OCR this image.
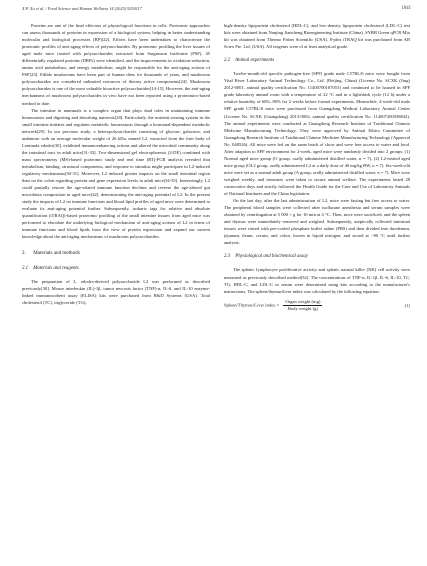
X.P. Xu et al. / Food Science and Human Wellness 14 (2025) 9250117	1841

Proteins are one of the final effectors of physiological functions in cells. Proteomic approaches can assess thousands of proteins in expression of a biological system, helping in better understanding molecular and biological processes (BP)[22]. Efforts have been undertaken to characterize the proteomic profiles of anti-aging effects of polysaccharides. By proteomic profiling the liver tissues of aged male mice treated with polysaccharides extracted from Sargassum fusiforme (PSF), 45 differentially regulated proteins (DRPs) were identified, and the improvements in oxidation-reduction, amino acid metabolism, and energy metabolism, might be responsible for the anti-aging actions of PSF[23]. Edible mushrooms have been part of human diets for thousands of years, and mushroom polysaccharides are considered unlimited resources of dietary active components[24]. Mushroom polysaccharides is one of the most valuable bioactive polysaccharides[14-15]. However, the anti-aging mechanisms of mushroom polysaccharides in vivo have not been reported using a proteomics-based method to date.

The intestine in mammals is a complex organ that plays dual roles in maintaining immune homeostasis and digesting and absorbing nutrients[28]. Particularly, the nutrient sensing system in the small intestine initiates and regulates metabolic homeostasis through a hormonal-dependent metabolic network[29]. In our previous study, a heteropolysaccharide consisting of glucose, galactose, and arabinose with an average molecular weight of 26 kDa, named L2, extracted from the fruit body of Lentinula edodes[30], exhibited immunoenhancing actions and altered the microbial community along the intestinal tract in adult mice[31-33]. Two-dimensional gel electrophoresis (2-DE) combined with mass spectrometry (MS)-based proteomic study and real time (RT)-PCR analysis revealed that metabolism, binding, structural components, and response to stimulus might participate in L2-induced regulatory mechanisms[30-31]. Moreover, L2 induced greater impacts on the small intestinal region than on the colon regarding protein and gene expression levels in adult mice[34-35]. Interestingly, L2 could partially restore the age-related immune function declines and reverse the age-altered gut microbiota composition in aged mice[22], demonstrating the anti-aging potential of L2. In the present study the impacts of L2 on immune functions and blood lipid profiles of aged mice were determined to evaluate its anti-aging potential further. Subsequently, isobaric tags for relative and absolute quantification (iTRAQ)-based proteomic profiling of the small intestine tissues from aged mice was performed to elucidate the underlying biological mechanism of anti-aging actions of L2 in terms of immune functions and blood lipids from the view of protein expression and expand our current knowledge about the anti-aging mechanisms of mushroom polysaccharides.

2. Materials and methods
2.1 Materials and reagents

The preparation of L. edodes-derived polysaccharide L2 was performed as described previously[30]. Mouse interleukin (IL)-1β, tumor necrosis factor (TNF)-α, IL-6, and IL-10 enzyme-linked immunosorbent assay (ELISA) kits were purchased from R&D Systems (USA). Total cholesterol (TC), triglyceride (TG),

high-density lipoprotein cholesterol (HDL-C), and low-density lipoprotein cholesterol (LDL-C) test kits were obtained from Nanjing Jiancheng Bioengineering Institute (China). SYBR Green qPCR Mix kit was obtained from Thermo Fisher Scientific (USA). 8-plex iTRAQ kit was purchased from AB Sciex Pte. Ltd. (USA). All reagents were of at least analytical grade.

2.2 Animal experiments

Twelve-month-old specific pathogen-free (SPF) grade male C57BL/6 mice were bought from Vital River Laboratory Animal Technology Co., Ltd. (Beijing, China) (License No. SCXK (Jing) 2012-0001, animal quality certification No. 11400700187053) and continued to be housed in SPF grade laboratory animal room with a temperature of 22 °C and in a light/dark cycle (12 h) under a relative humidity of 60%–80% for 2 weeks before formal experiments. Meanwhile, 4-week-old male SPF grade C57BL/6 mice were purchased from Guangdong Medical Laboratory Animal Center (License No. SCXK (Guangdong) 2013-0002, animal quality certification No. 11400720003884​2). The animal experiments were conducted at Guangdong Research Institute of Traditional Chinese Medicine Manufacturing Technology. They were approved by Animal Ethics Committee of Guangdong Research Institute of Traditional Chinese Medicine Manufacturing Technology (Approval No. 048526). All mice were fed on the same batch of chow and were free access to water and food. After adaption to SPF environment for 2-week, aged mice were randomly divided into 2 groups: (1) Normal aged mice group (O group, orally administered distilled water, n = 7), (2) L2-treated aged mice group (OL2 group, orally administered L2 at a daily dose of 40 mg/kg BW, n = 7). Six-week-old mice were set as a normal adult group (A group, orally administered distilled water, n = 7). Mice were weighed weekly, and measures were taken to secure animal welfare. The experiments lasted 28 consecutive days and strictly followed the Health Guide for the Care and Use of Laboratory Animals of National Institutes and the China legislation.

On the last day, after the last administration of L2, mice were fasting but free access to water. The peripheral blood samples were collected after isoflurane anesthesia and serum samples were obtained by centrifugation at 5 000 × g for 10 min at 4 °C. Then, mice were sacrificed, and the spleen and thymus were immediately removed and weighed. Subsequently, aseptically collected intestinal tissues were rinsed with pre-cooled phosphate buffer saline (PBS) and then divided into duodenum, jejunum, ileum, cecum, and colon, frozen in liquid nitrogen, and stored at −80 °C until further analysis.

2.3 Physiological and biochemical assay

The splenic lymphocyte proliferative activity and splenic natural killer (NK) cell activity were measured as previously described method[32]. The concentrations of TNF-α, IL-1β, IL-6, IL-10, TC, TG, HDL-C, and LDL-C in serum were determined using kits according to the manufacturer's instructions. The spleen/thymus/liver index was calculated by the following equation:

Spleen/Thymus/Liver index = $\frac{\text{Organ weight (mg)}}{\text{Body weight (g)}}$	(1)
